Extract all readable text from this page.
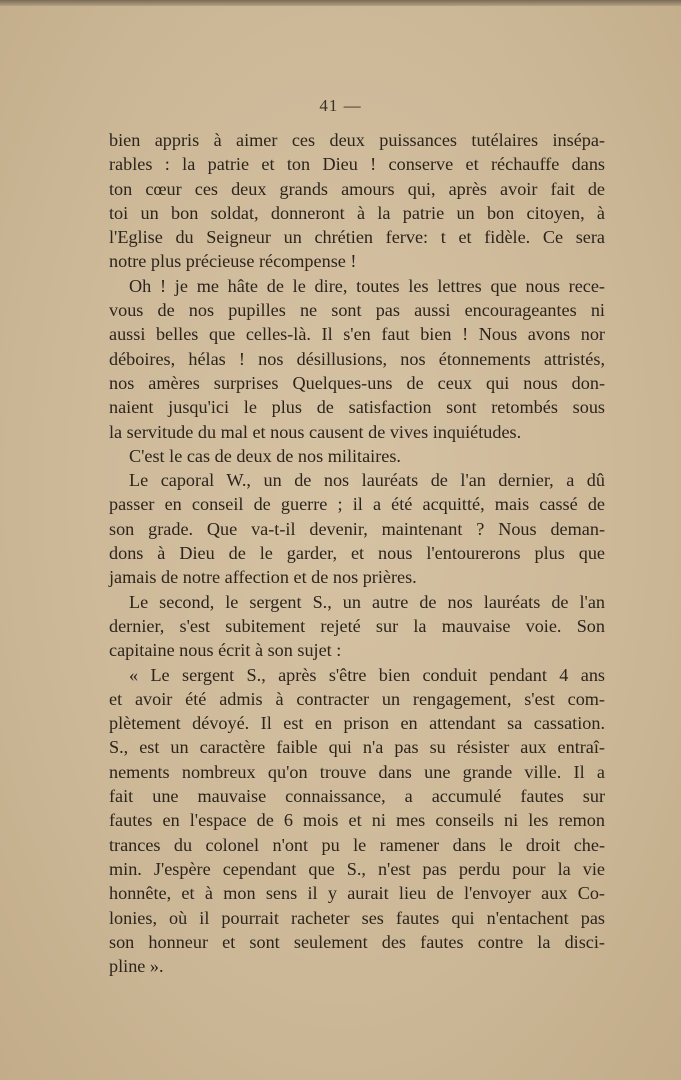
41 —

bien appris à aimer ces deux puissances tutélaires insépa-

rables : la patrie et ton Dieu ! conserve et réchauffe dans

ton cœur ces deux grands amours qui, après avoir fait de

toi un bon soldat, donneront à la patrie un bon citoyen, à

l'Eglise du Seigneur un chrétien ferve: t et fidèle. Ce sera

notre plus précieuse récompense !

Oh ! je me hâte de le dire, toutes les lettres que nous rece-

vous de nos pupilles ne sont pas aussi encourageantes ni

aussi belles que celles-là. Il s'en faut bien ! Nous avons nor

déboires, hélas ! nos désillusions, nos étonnements attristés,

nos amères surprises Quelques-uns de ceux qui nous don-

naient jusqu'ici le plus de satisfaction sont retombés sous

la servitude du mal et nous causent de vives inquiétudes.

C'est le cas de deux de nos militaires.

Le caporal W., un de nos lauréats de l'an dernier, a dû

passer en conseil de guerre ; il a été acquitté, mais cassé de

son grade. Que va-t-il devenir, maintenant ? Nous deman-

dons à Dieu de le garder, et nous l'entourerons plus que

jamais de notre affection et de nos prières.

Le second, le sergent S., un autre de nos lauréats de l'an

dernier, s'est subitement rejeté sur la mauvaise voie. Son

capitaine nous écrit à son sujet :

« Le sergent S., après s'être bien conduit pendant 4 ans

et avoir été admis à contracter un rengagement, s'est com-

plètement dévoyé. Il est en prison en attendant sa cassation.

S., est un caractère faible qui n'a pas su résister aux entraî-

nements nombreux qu'on trouve dans une grande ville. Il a

fait une mauvaise connaissance, a accumulé fautes sur

fautes en l'espace de 6 mois et ni mes conseils ni les remon

trances du colonel n'ont pu le ramener dans le droit che-

min. J'espère cependant que S., n'est pas perdu pour la vie

honnête, et à mon sens il y aurait lieu de l'envoyer aux Co-

lonies, où il pourrait racheter ses fautes qui n'entachent pas

son honneur et sont seulement des fautes contre la disci-

pline ».
